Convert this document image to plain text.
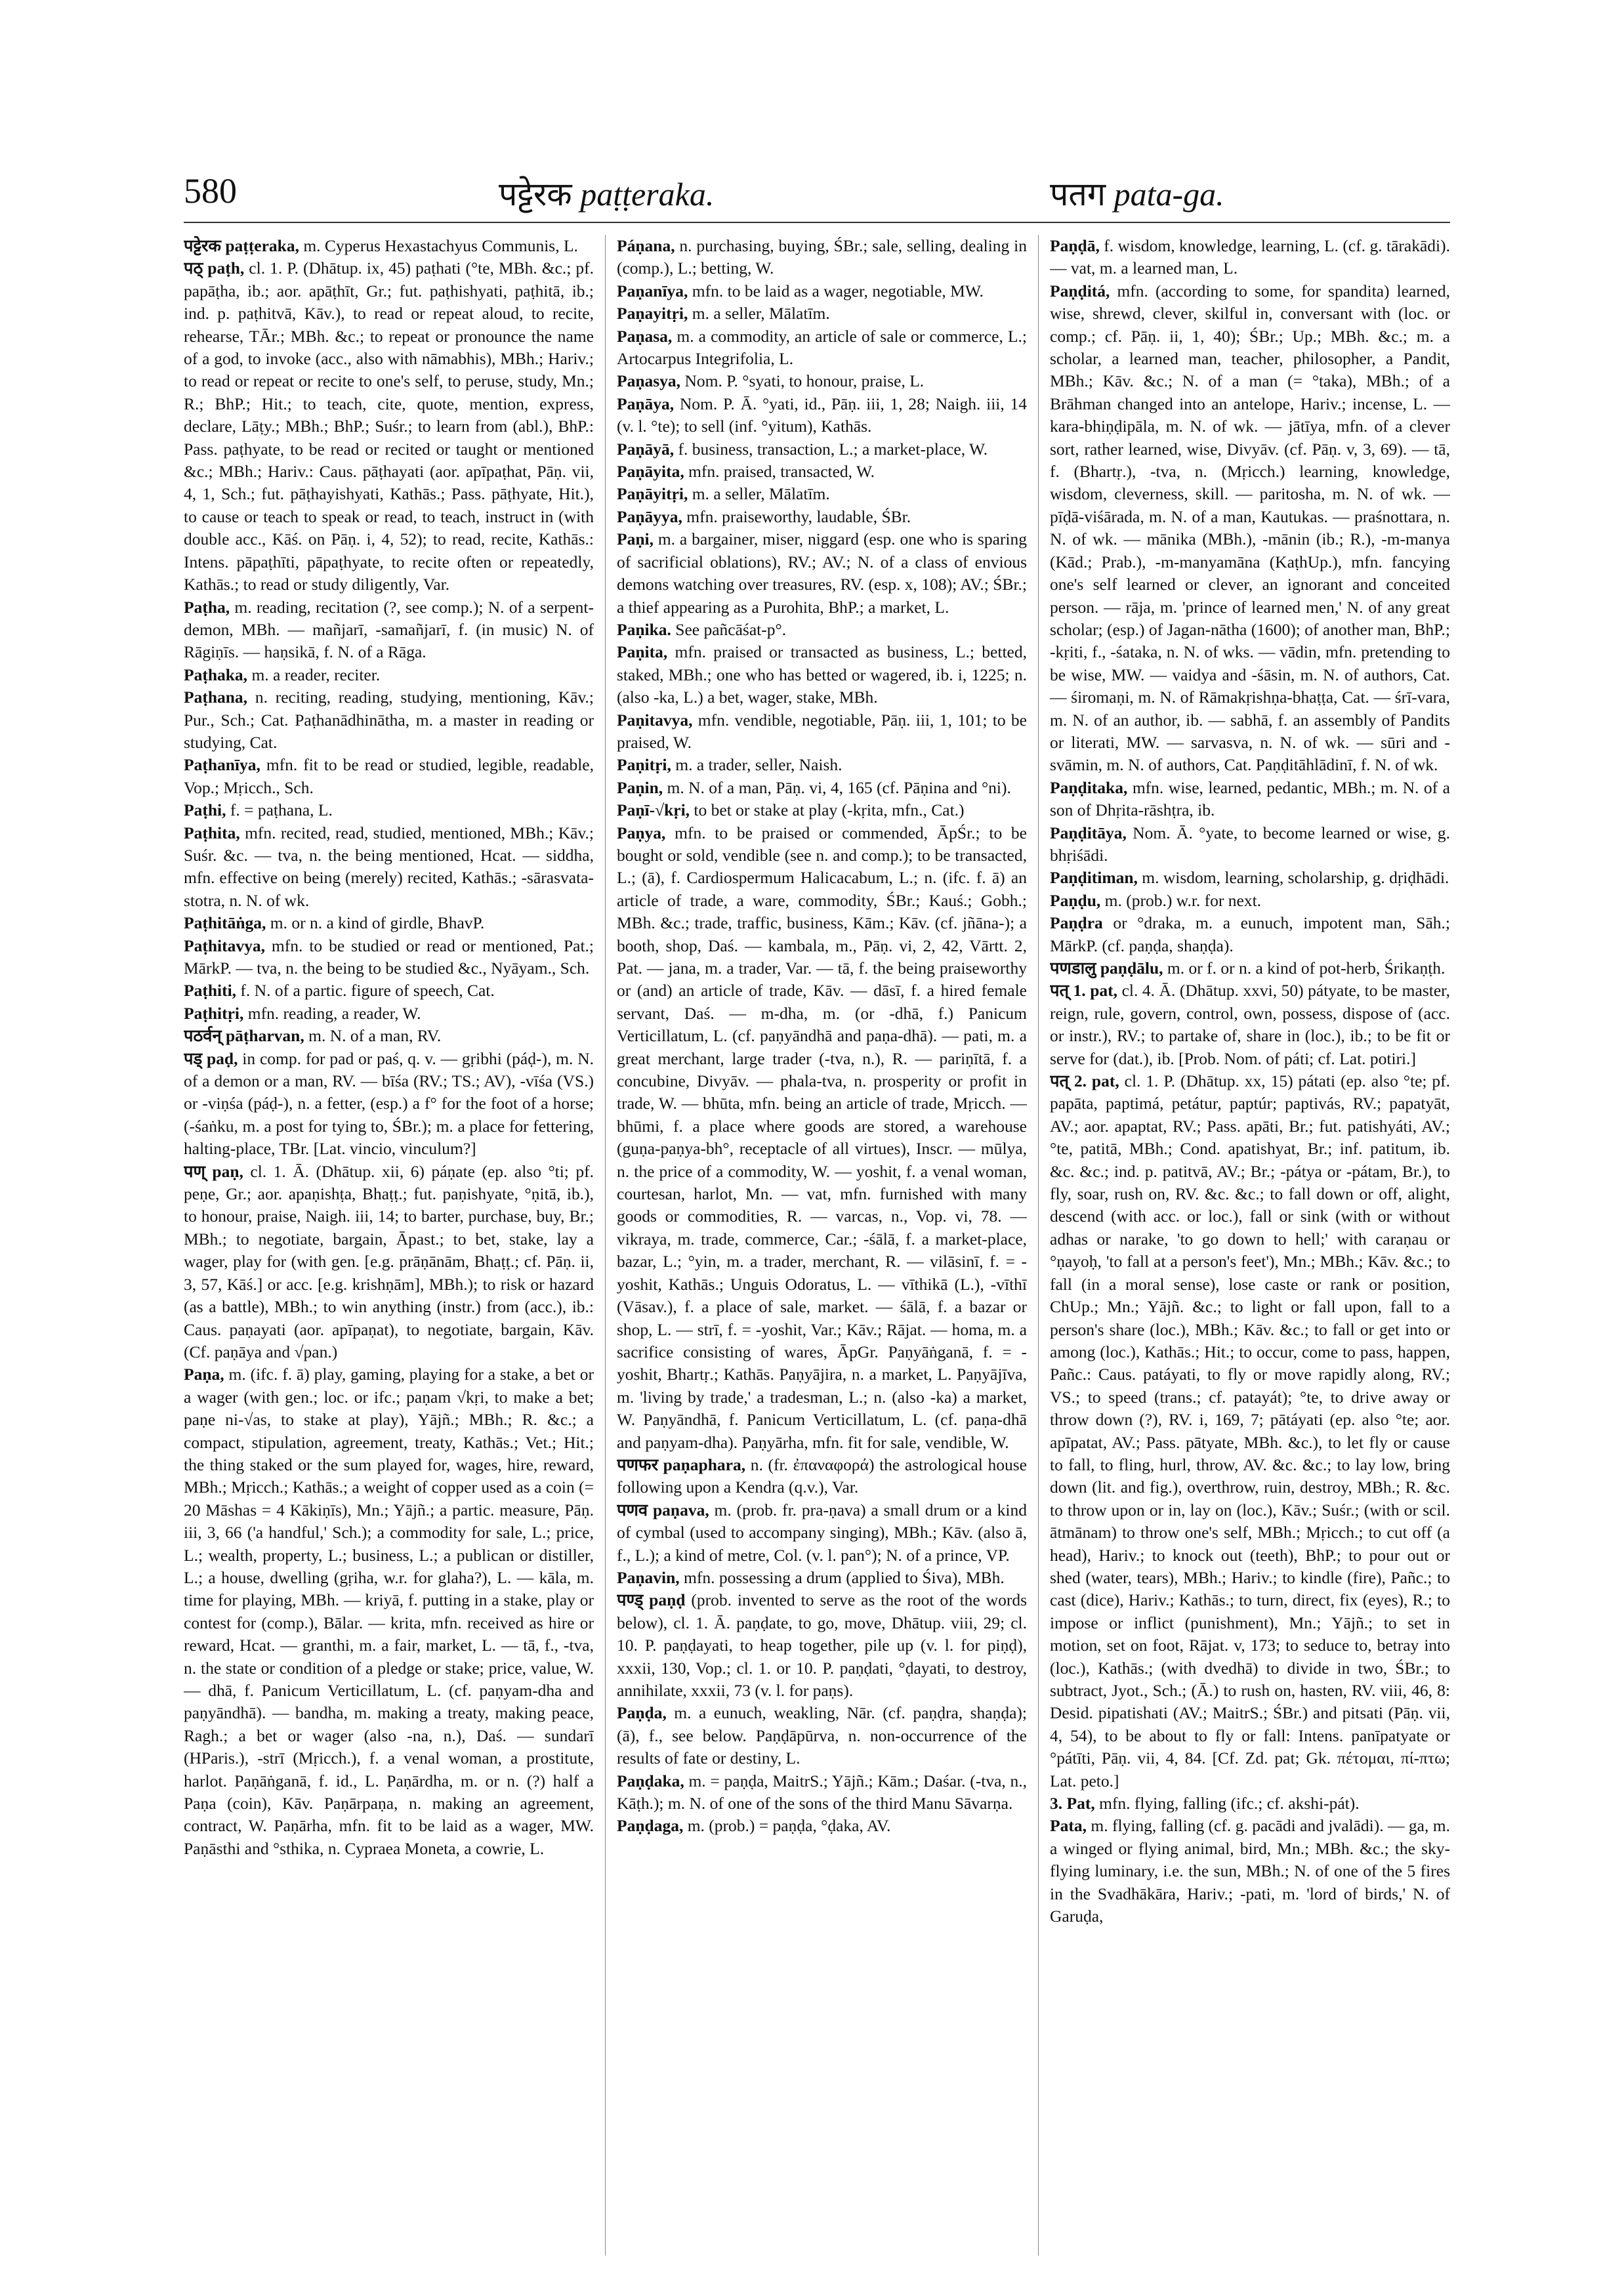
580	पट्टेरक paṭṭeraka.	पतग pata-ga.

पट्टेरक paṭṭeraka, m. Cyperus Hexastachyus Communis, L.

पठ् paṭh, cl. 1. P. (Dhātup. ix, 45) paṭhati (°te, MBh. &c.; pf. papāṭha, ib.; aor. apāṭhīt, Gr.; fut. paṭhishyati, paṭhitā, ib.; ind. p. paṭhitvā, Kāv.), to read or repeat aloud, to recite, rehearse, TĀr.; MBh. &c.; to repeat or pronounce the name of a god, to invoke (acc., also with nāmabhis), MBh.; Hariv.; to read or repeat or recite to one's self, to peruse, study, Mn.; R.; BhP.; Hit.; to teach, cite, quote, mention, express, declare, Lāṭy.; MBh.; BhP.; Suśr.; to learn from (abl.), BhP.: Pass. paṭhyate, to be read or recited or taught or mentioned &c.; MBh.; Hariv.: Caus. pāṭhayati (aor. apīpaṭhat, Pāṇ. vii, 4, 1, Sch.; fut. pāṭhayishyati, Kathās.; Pass. pāṭhyate, Hit.), to cause or teach to speak or read, to teach, instruct in (with double acc., Kāś. on Pāṇ. i, 4, 52); to read, recite, Kathās.: Intens. pāpaṭhīti, pāpaṭhyate, to recite often or repeatedly, Kathās.; to read or study diligently, Var.

Paṭha, m. reading, recitation (?, see comp.); N. of a serpent-demon, MBh. — mañjarī, -samañjarī, f. (in music) N. of Rāgiṇīs. — haṇsikā, f. N. of a Rāga.

Paṭhaka, m. a reader, reciter.

Paṭhana, n. reciting, reading, studying, mentioning, Kāv.; Pur., Sch.; Cat. Paṭhanādhinātha, m. a master in reading or studying, Cat.

Paṭhanīya, mfn. fit to be read or studied, legible, readable, Vop.; Mṛicch., Sch.

Paṭhi, f. = paṭhana, L.

Paṭhita, mfn. recited, read, studied, mentioned, MBh.; Kāv.; Suśr. &c. — tva, n. the being mentioned, Hcat. — siddha, mfn. effective on being (merely) recited, Kathās.; -sārasvata-stotra, n. N. of wk.

Paṭhitāṅga, m. or n. a kind of girdle, BhavP.

Paṭhitavya, mfn. to be studied or read or mentioned, Pat.; MārkP. — tva, n. the being to be studied &c., Nyāyam., Sch.

Paṭhiti, f. N. of a partic. figure of speech, Cat.

Paṭhitṛi, mfn. reading, a reader, W.

पठर्वन् pāṭharvan, m. N. of a man, RV.

पड् paḍ, in comp. for pad or paś, q. v. — gṛibhi (páḍ-), m. N. of a demon or a man, RV. — bīśa (RV.; TS.; AV), -vīśa (VS.) or -viṇśa (páḍ-), n. a fetter, (esp.) a f° for the foot of a horse; (-śaṅku, m. a post for tying to, ŚBr.); m. a place for fettering, halting-place, TBr. [Lat. vincio, vinculum?]

पण् paṇ, cl. 1. Ā. (Dhātup. xii, 6) páṇate (ep. also °ti; pf. peṇe, Gr.; aor. apaṇishṭa, Bhaṭṭ.; fut. paṇishyate, °ṇitā, ib.), to honour, praise, Naigh. iii, 14; to barter, purchase, buy, Br.; MBh.; to negotiate, bargain, Āpast.; to bet, stake, lay a wager, play for (with gen. [e.g. prāṇānām, Bhaṭṭ.; cf. Pāṇ. ii, 3, 57, Kāś.] or acc. [e.g. krishṇām], MBh.); to risk or hazard (as a battle), MBh.; to win anything (instr.) from (acc.), ib.: Caus. paṇayati (aor. apīpaṇat), to negotiate, bargain, Kāv. (Cf. paṇāya and √pan.)

Paṇa, m. (ifc. f. ā) play, gaming, playing for a stake, a bet or a wager (with gen.; loc. or ifc.; paṇam √kṛi, to make a bet; paṇe ni-√as, to stake at play), Yājñ.; MBh.; R. &c.; a compact, stipulation, agreement, treaty, Kathās.; Vet.; Hit.; the thing staked or the sum played for, wages, hire, reward, MBh.; Mṛicch.; Kathās.; a weight of copper used as a coin (= 20 Māshas = 4 Kākiṇīs), Mn.; Yājñ.; a partic. measure, Pāṇ. iii, 3, 66 ('a handful,' Sch.); a commodity for sale, L.; price, L.; wealth, property, L.; business, L.; a publican or distiller, L.; a house, dwelling (gṛiha, w.r. for glaha?), L. — kāla, m. time for playing, MBh. — kriyā, f. putting in a stake, play or contest for (comp.), Bālar. — krita, mfn. received as hire or reward, Hcat. — granthi, m. a fair, market, L. — tā, f., -tva, n. the state or condition of a pledge or stake; price, value, W. — dhā, f. Panicum Verticillatum, L. (cf. paṇyam-dha and paṇyāndhā). — bandha, m. making a treaty, making peace, Ragh.; a bet or wager (also -na, n.), Daś. — sundarī (HParis.), -strī (Mṛicch.), f. a venal woman, a prostitute, harlot. Paṇāṅganā, f. id., L. Paṇārdha, m. or n. (?) half a Paṇa (coin), Kāv. Paṇārpaṇa, n. making an agreement, contract, W. Paṇārha, mfn. fit to be laid as a wager, MW. Paṇāsthi and °sthika, n. Cypraea Moneta, a cowrie, L.

Páṇana, n. purchasing, buying, ŚBr.; sale, selling, dealing in (comp.), L.; betting, W.

Paṇanīya, mfn. to be laid as a wager, negotiable, MW.

Paṇayitṛi, m. a seller, Mālatīm.

Paṇasa, m. a commodity, an article of sale or commerce, L.; Artocarpus Integrifolia, L.

Paṇasya, Nom. P. °syati, to honour, praise, L.

Paṇāya, Nom. P. Ā. °yati, id., Pāṇ. iii, 1, 28; Naigh. iii, 14 (v. l. °te); to sell (inf. °yitum), Kathās.

Paṇāyā, f. business, transaction, L.; a market-place, W.

Paṇāyita, mfn. praised, transacted, W.

Paṇāyitṛi, m. a seller, Mālatīm.

Paṇāyya, mfn. praiseworthy, laudable, ŚBr.

Paṇi, m. a bargainer, miser, niggard (esp. one who is sparing of sacrificial oblations), RV.; AV.; N. of a class of envious demons watching over treasures, RV. (esp. x, 108); AV.; ŚBr.; a thief appearing as a Purohita, BhP.; a market, L.

Paṇika. See pañcāśat-p°.

Paṇita, mfn. praised or transacted as business, L.; betted, staked, MBh.; one who has betted or wagered, ib. i, 1225; n. (also -ka, L.) a bet, wager, stake, MBh.

Paṇitavya, mfn. vendible, negotiable, Pāṇ. iii, 1, 101; to be praised, W.

Paṇitṛi, m. a trader, seller, Naish.

Paṇin, m. N. of a man, Pāṇ. vi, 4, 165 (cf. Pāṇina and °ni).

Paṇī-√kṛi, to bet or stake at play (-kṛita, mfn., Cat.)

Paṇya, mfn. to be praised or commended, ĀpŚr.; to be bought or sold, vendible (see n. and comp.); to be transacted, L.; (ā), f. Cardiospermum Halicacabum, L.; n. (ifc. f. ā) an article of trade, a ware, commodity, ŚBr.; Kauś.; Gobh.; MBh. &c.; trade, traffic, business, Kām.; Kāv. (cf. jñāna-); a booth, shop, Daś. — kambala, m., Pāṇ. vi, 2, 42, Vārtt. 2, Pat. — jana, m. a trader, Var. — tā, f. the being praiseworthy or (and) an article of trade, Kāv. — dāsī, f. a hired female servant, Daś. — m-dha, m. (or -dhā, f.) Panicum Verticillatum, L. (cf. paṇyāndhā and paṇa-dhā). — pati, m. a great merchant, large trader (-tva, n.), R. — pariṇītā, f. a concubine, Divyāv. — phala-tva, n. prosperity or profit in trade, W. — bhūta, mfn. being an article of trade, Mṛicch. — bhūmi, f. a place where goods are stored, a warehouse (guṇa-paṇya-bh°, receptacle of all virtues), Inscr. — mūlya, n. the price of a commodity, W. — yoshit, f. a venal woman, courtesan, harlot, Mn. — vat, mfn. furnished with many goods or commodities, R. — varcas, n., Vop. vi, 78. — vikraya, m. trade, commerce, Car.; -śālā, f. a market-place, bazar, L.; °yin, m. a trader, merchant, R. — vilāsinī, f. = -yoshit, Kathās.; Unguis Odoratus, L. — vīthikā (L.), -vīthī (Vāsav.), f. a place of sale, market. — śālā, f. a bazar or shop, L. — strī, f. = -yoshit, Var.; Kāv.; Rājat. — homa, m. a sacrifice consisting of wares, ĀpGr. Paṇyāṅganā, f. = -yoshit, Bhartṛ.; Kathās. Paṇyājira, n. a market, L. Paṇyājīva, m. 'living by trade,' a tradesman, L.; n. (also -ka) a market, W. Paṇyāndhā, f. Panicum Verticillatum, L. (cf. paṇa-dhā and paṇyam-dha). Paṇyārha, mfn. fit for sale, vendible, W.

पणफर paṇaphara, n. (fr. ἐπαναφορά) the astrological house following upon a Kendra (q.v.), Var.

पणव paṇava, m. (prob. fr. pra-ṇava) a small drum or a kind of cymbal (used to accompany singing), MBh.; Kāv. (also ā, f., L.); a kind of metre, Col. (v. l. pan°); N. of a prince, VP.

Paṇavin, mfn. possessing a drum (applied to Śiva), MBh.

पण्ड् paṇḍ (prob. invented to serve as the root of the words below), cl. 1. Ā. paṇḍate, to go, move, Dhātup. viii, 29; cl. 10. P. paṇḍayati, to heap together, pile up (v. l. for piṇḍ), xxxii, 130, Vop.; cl. 1. or 10. P. paṇḍati, °ḍayati, to destroy, annihilate, xxxii, 73 (v. l. for paṇs).

Paṇḍa, m. a eunuch, weakling, Nār. (cf. paṇḍra, shaṇḍa); (ā), f., see below. Paṇḍāpūrva, n. non-occurrence of the results of fate or destiny, L.

Paṇḍaka, m. = paṇḍa, MaitrS.; Yājñ.; Kām.; Daśar. (-tva, n., Kāṭh.); m. N. of one of the sons of the third Manu Sāvarṇa.

Paṇḍaga, m. (prob.) = paṇḍa, °ḍaka, AV.

Paṇḍā, f. wisdom, knowledge, learning, L. (cf. g. tārakādi). — vat, m. a learned man, L.

Paṇḍitá, mfn. (according to some, for spandita) learned, wise, shrewd, clever, skilful in, conversant with (loc. or comp.; cf. Pāṇ. ii, 1, 40); ŚBr.; Up.; MBh. &c.; m. a scholar, a learned man, teacher, philosopher, a Pandit, MBh.; Kāv. &c.; N. of a man (= °taka), MBh.; of a Brāhman changed into an antelope, Hariv.; incense, L. — kara-bhiṇḍipāla, m. N. of wk. — jātīya, mfn. of a clever sort, rather learned, wise, Divyāv. (cf. Pāṇ. v, 3, 69). — tā, f. (Bhartṛ.), -tva, n. (Mṛicch.) learning, knowledge, wisdom, cleverness, skill. — paritosha, m. N. of wk. — pīḍā-viśārada, m. N. of a man, Kautukas. — praśnottara, n. N. of wk. — mānika (MBh.), -mānin (ib.; R.), -m-manya (Kād.; Prab.), -m-manyamāna (KaṭhUp.), mfn. fancying one's self learned or clever, an ignorant and conceited person. — rāja, m. 'prince of learned men,' N. of any great scholar; (esp.) of Jagan-nātha (1600); of another man, BhP.; -kṛiti, f., -śataka, n. N. of wks. — vādin, mfn. pretending to be wise, MW. — vaidya and -śāsin, m. N. of authors, Cat. — śiromaṇi, m. N. of Rāmakṛishṇa-bhaṭṭa, Cat. — śrī-vara, m. N. of an author, ib. — sabhā, f. an assembly of Pandits or literati, MW. — sarvasva, n. N. of wk. — sūri and -svāmin, m. N. of authors, Cat. Paṇḍitāhlādinī, f. N. of wk.

Paṇḍitaka, mfn. wise, learned, pedantic, MBh.; m. N. of a son of Dhṛita-rāshṭra, ib.

Paṇḍitāya, Nom. Ā. °yate, to become learned or wise, g. bhṛiśādi.

Paṇḍitiman, m. wisdom, learning, scholarship, g. dṛiḍhādi.

Paṇḍu, m. (prob.) w.r. for next.

Paṇḍra or °draka, m. a eunuch, impotent man, Sāh.; MārkP. (cf. paṇḍa, shaṇḍa).

पणडालु paṇḍālu, m. or f. or n. a kind of pot-herb, Śrikaṇṭh.

पत् 1. pat, cl. 4. Ā. (Dhātup. xxvi, 50) pátyate, to be master, reign, rule, govern, control, own, possess, dispose of (acc. or instr.), RV.; to partake of, share in (loc.), ib.; to be fit or serve for (dat.), ib. [Prob. Nom. of páti; cf. Lat. potiri.]

पत् 2. pat, cl. 1. P. (Dhātup. xx, 15) pátati (ep. also °te; pf. papāta, paptimá, petátur, paptúr; paptivás, RV.; papatyāt, AV.; aor. apaptat, RV.; Pass. apāti, Br.; fut. patishyáti, AV.; °te, patitā, MBh.; Cond. apatishyat, Br.; inf. patitum, ib. &c. &c.; ind. p. patitvā, AV.; Br.; -pátya or -pátam, Br.), to fly, soar, rush on, RV. &c. &c.; to fall down or off, alight, descend (with acc. or loc.), fall or sink (with or without adhas or narake, 'to go down to hell;' with caraṇau or °ṇayoḥ, 'to fall at a person's feet'), Mn.; MBh.; Kāv. &c.; to fall (in a moral sense), lose caste or rank or position, ChUp.; Mn.; Yājñ. &c.; to light or fall upon, fall to a person's share (loc.), MBh.; Kāv. &c.; to fall or get into or among (loc.), Kathās.; Hit.; to occur, come to pass, happen, Pañc.: Caus. patáyati, to fly or move rapidly along, RV.; VS.; to speed (trans.; cf. patayát); °te, to drive away or throw down (?), RV. i, 169, 7; pātáyati (ep. also °te; aor. apīpatat, AV.; Pass. pātyate, MBh. &c.), to let fly or cause to fall, to fling, hurl, throw, AV. &c. &c.; to lay low, bring down (lit. and fig.), overthrow, ruin, destroy, MBh.; R. &c. to throw upon or in, lay on (loc.), Kāv.; Suśr.; (with or scil. ātmānam) to throw one's self, MBh.; Mṛicch.; to cut off (a head), Hariv.; to knock out (teeth), BhP.; to pour out or shed (water, tears), MBh.; Hariv.; to kindle (fire), Pañc.; to cast (dice), Hariv.; Kathās.; to turn, direct, fix (eyes), R.; to impose or inflict (punishment), Mn.; Yājñ.; to set in motion, set on foot, Rājat. v, 173; to seduce to, betray into (loc.), Kathās.; (with dvedhā) to divide in two, ŚBr.; to subtract, Jyot., Sch.; (Ā.) to rush on, hasten, RV. viii, 46, 8: Desid. pipatishati (AV.; MaitrS.; ŚBr.) and pitsati (Pāṇ. vii, 4, 54), to be about to fly or fall: Intens. panīpatyate or °pátīti, Pāṇ. vii, 4, 84. [Cf. Zd. pat; Gk. πέτομαι, πί-πτω; Lat. peto.]

3. Pat, mfn. flying, falling (ifc.; cf. akshi-pát).

Pata, m. flying, falling (cf. g. pacādi and jvalādi). — ga, m. a winged or flying animal, bird, Mn.; MBh. &c.; the sky-flying luminary, i.e. the sun, MBh.; N. of one of the 5 fires in the Svadhākāra, Hariv.; -pati, m. 'lord of birds,' N. of Garuḍa,
